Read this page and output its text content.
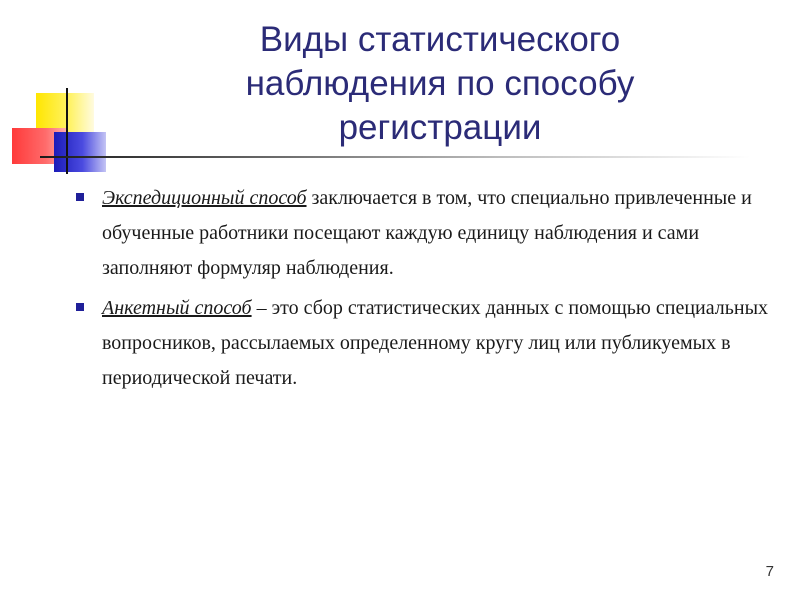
Виды статистического наблюдения по способу регистрации
Экспедиционный способ заключается в том, что специально привлеченные и обученные работники посещают каждую единицу наблюдения и сами заполняют формуляр наблюдения.
Анкетный способ – это сбор статистических данных с помощью специальных вопросников, рассылаемых определенному кругу лиц или публикуемых в периодической печати.
7
